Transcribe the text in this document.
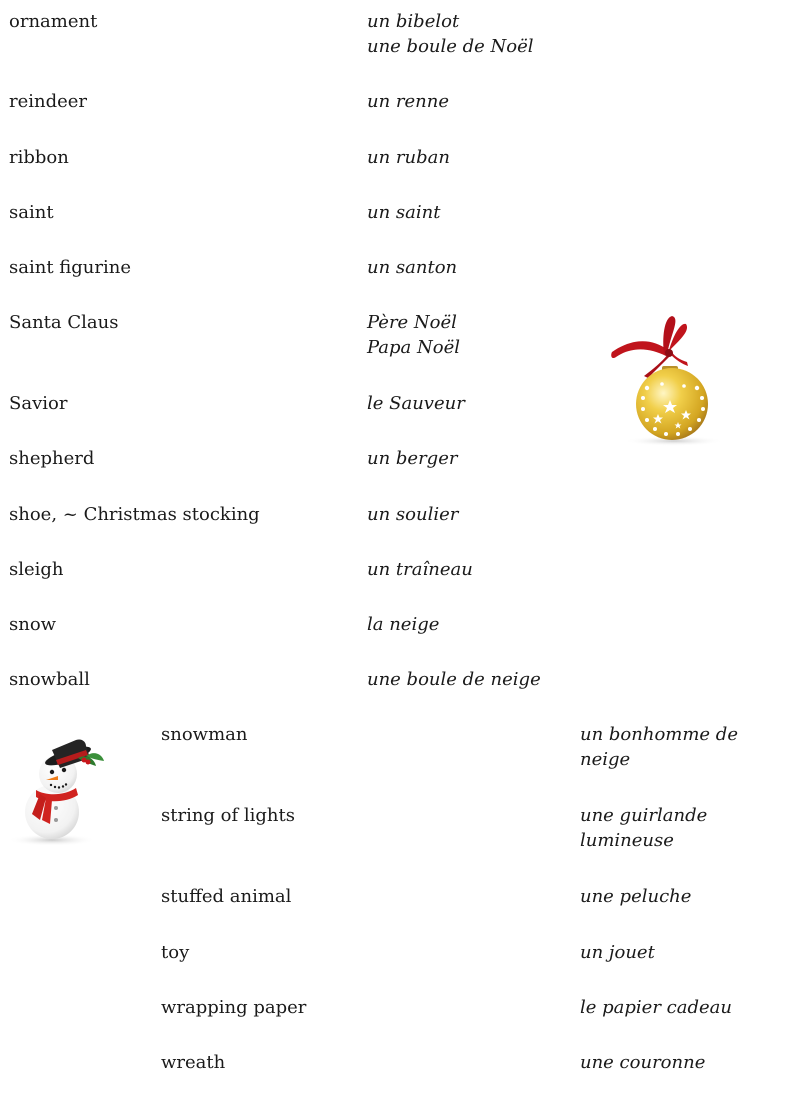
ornament	un bibelot
une boule de Noël
reindeer	un renne
ribbon	un ruban
saint	un saint
saint figurine	un santon
Santa Claus	Père Noël
Papa Noël
Savior	le Sauveur
shepherd	un berger
shoe, ~ Christmas stocking	un soulier
sleigh	un traîneau
snow	la neige
snowball	une boule de neige
snowman	un bonhomme de
neige
string of lights	une guirlande
lumineuse
stuffed animal	une peluche
toy	un jouet
wrapping paper	le papier cadeau
wreath	une couronne
